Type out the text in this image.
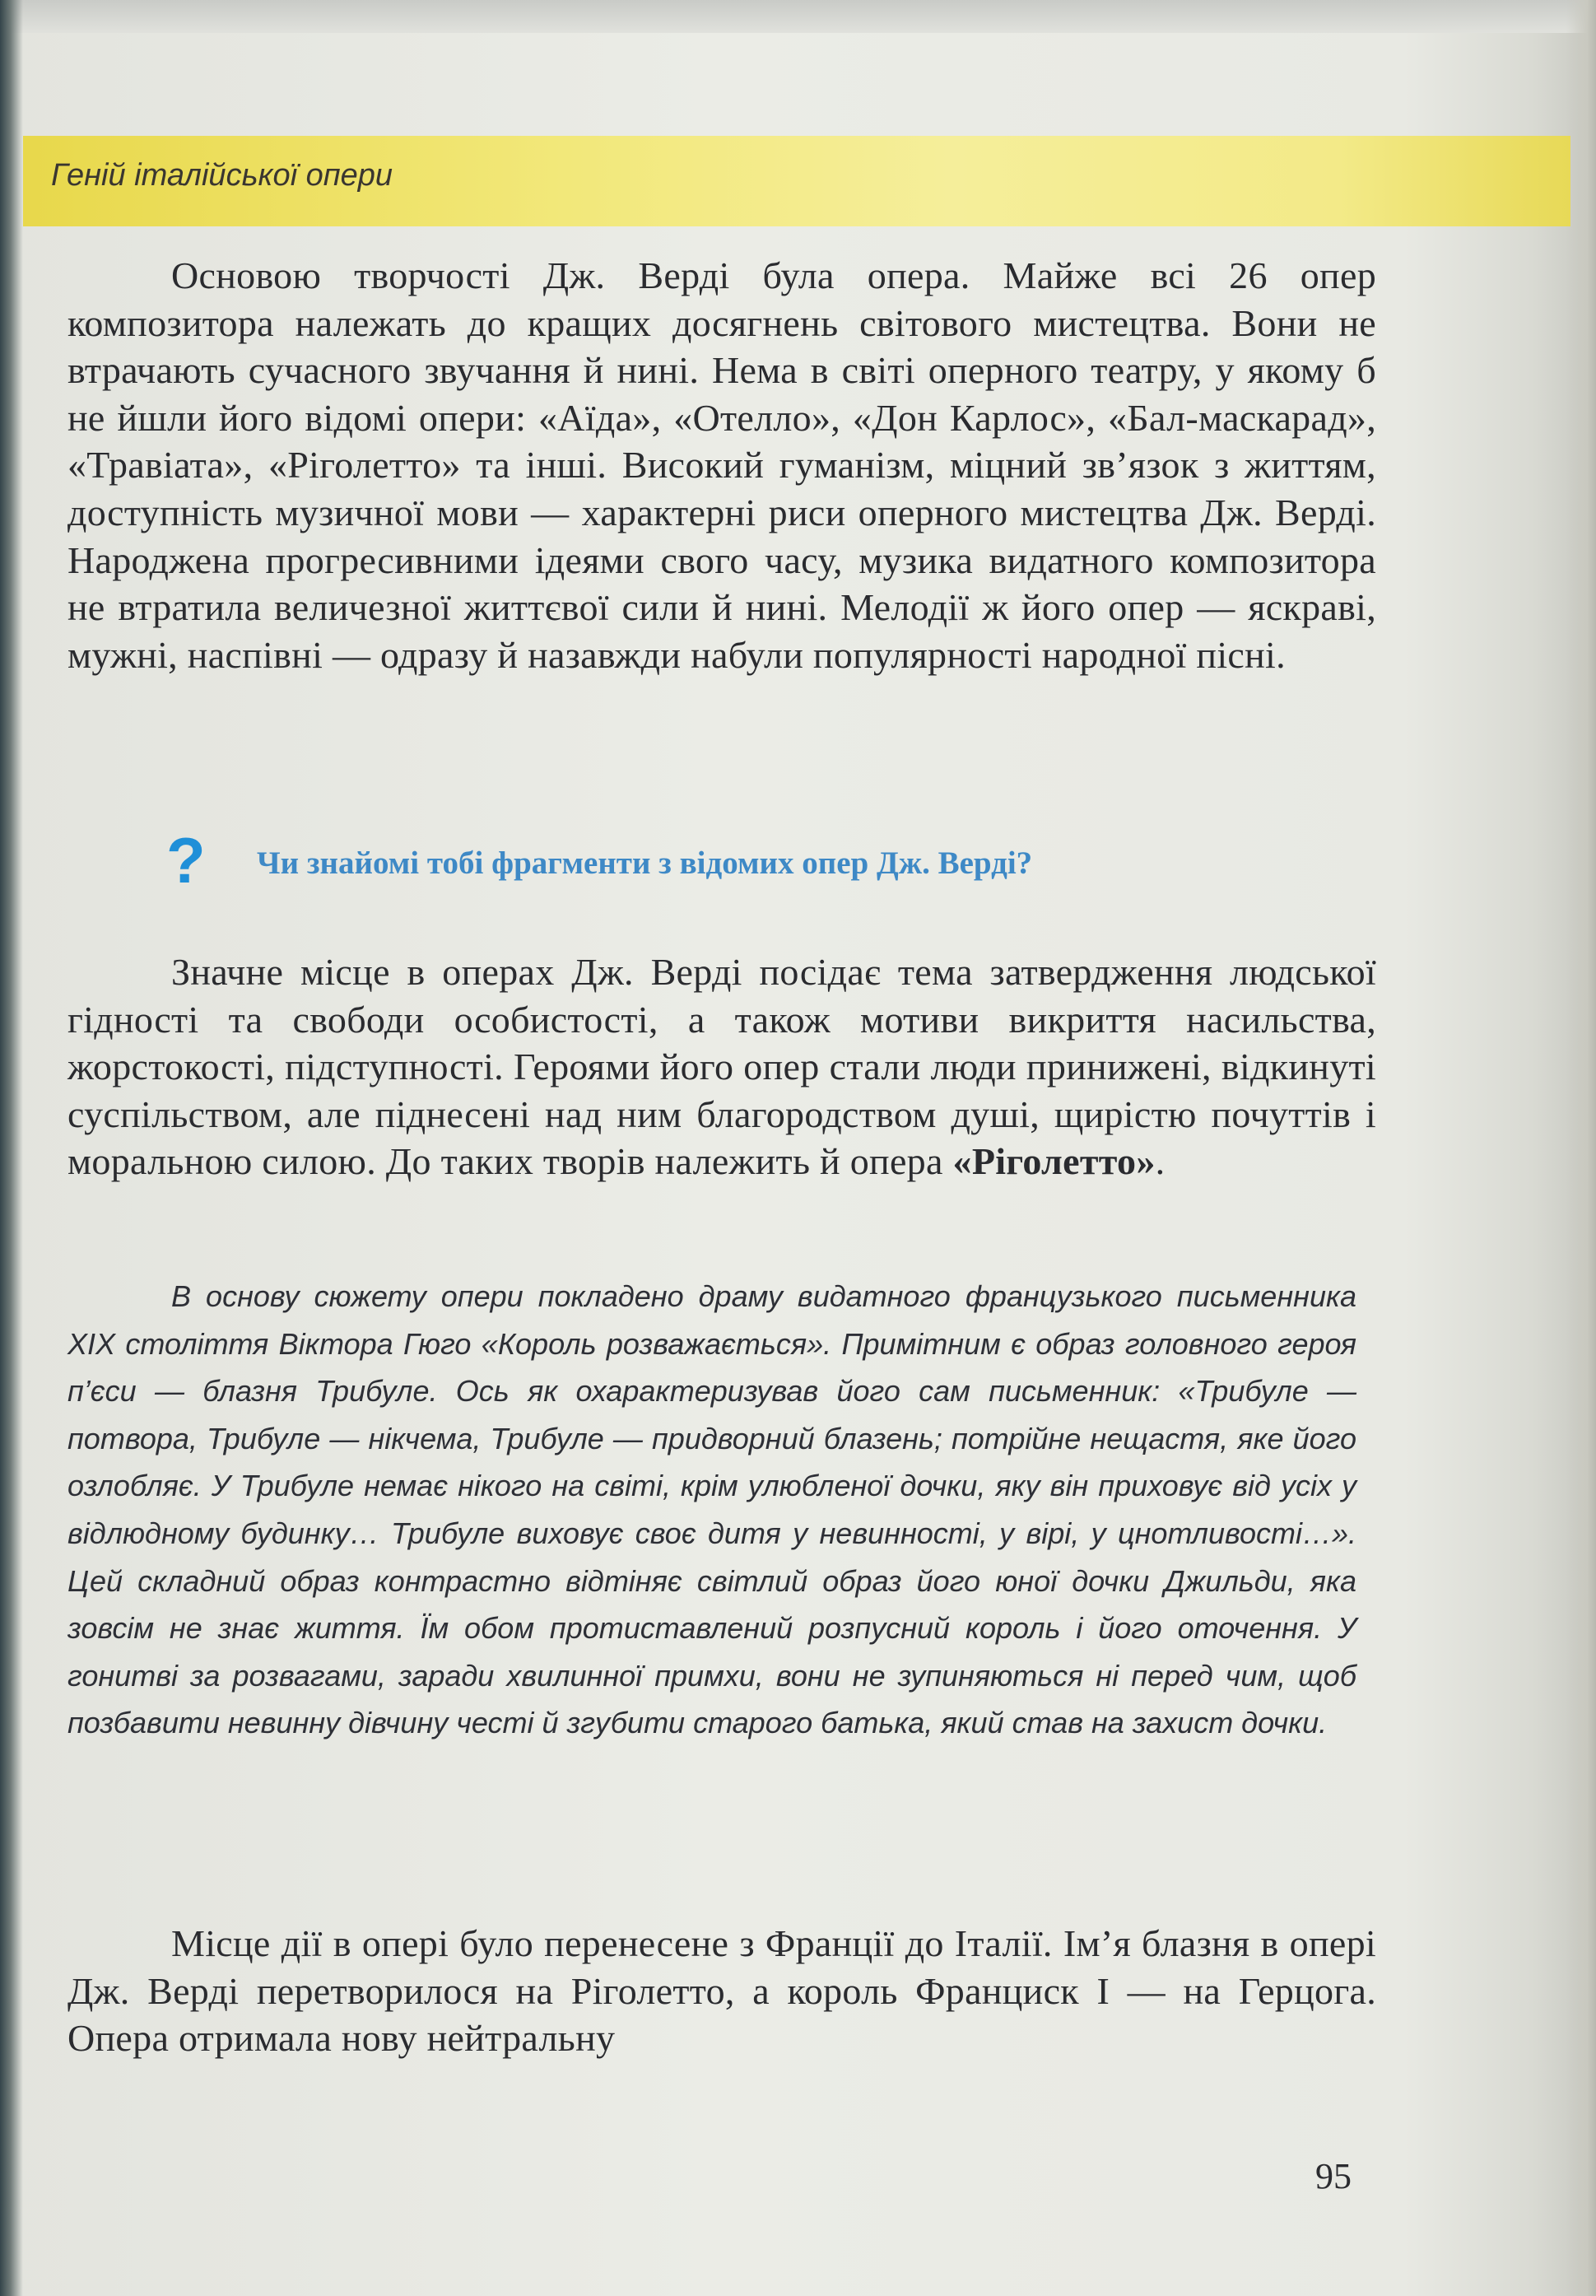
Геній італійської опери

Основою творчості Дж. Верді була опера. Майже всі 26 опер композитора належать до кращих досягнень світового мистецтва. Вони не втрачають сучасного звучання й нині. Нема в світі оперного театру, у якому б не йшли його відомі опери: «Аїда», «Отелло», «Дон Карлос», «Бал-маскарад», «Травіата», «Ріголетто» та інші. Високий гуманізм, міцний зв’язок з життям, доступність музичної мови — характерні риси оперного мистецтва Дж. Верді. Народжена прогресивними ідеями свого часу, музика видатного композитора не втратила величезної життєвої сили й нині. Мелодії ж його опер — яскраві, мужні, наспівні — одразу й назавжди набули популярності народної пісні.

? Чи знайомі тобі фрагменти з відомих опер Дж. Верді?

Значне місце в операх Дж. Верді посідає тема затвердження людської гідності та свободи особистості, а також мотиви викриття насильства, жорстокості, підступності. Героями його опер стали люди принижені, відкинуті суспільством, але піднесені над ним благородством душі, щирістю почуттів і моральною силою. До таких творів належить й опера «Ріголетто».

В основу сюжету опери покладено драму видатного французького письменника XIX століття Віктора Гюго «Король розважається». Примітним є образ головного героя п’єси — блазня Трибуле. Ось як охарактеризував його сам письменник: «Трибуле — потвора, Трибуле — нікчема, Трибуле — придворний блазень; потрійне нещастя, яке його озлобляє. У Трибуле немає нікого на світі, крім улюбленої дочки, яку він приховує від усіх у відлюдному будинку… Трибуле виховує своє дитя у невинності, у вірі, у цнотливості…». Цей складний образ контрастно відтіняє світлий образ його юної дочки Джильди, яка зовсім не знає життя. Їм обом протиставлений розпусний король і його оточення. У гонитві за розвагами, заради хвилинної примхи, вони не зупиняються ні перед чим, щоб позбавити невинну дівчину честі й згубити старого батька, який став на захист дочки.

Місце дії в опері було перенесене з Франції до Італії. Ім’я блазня в опері Дж. Верді перетворилося на Ріголетто, а король Франциск I — на Герцога. Опера отримала нову нейтральну

95
